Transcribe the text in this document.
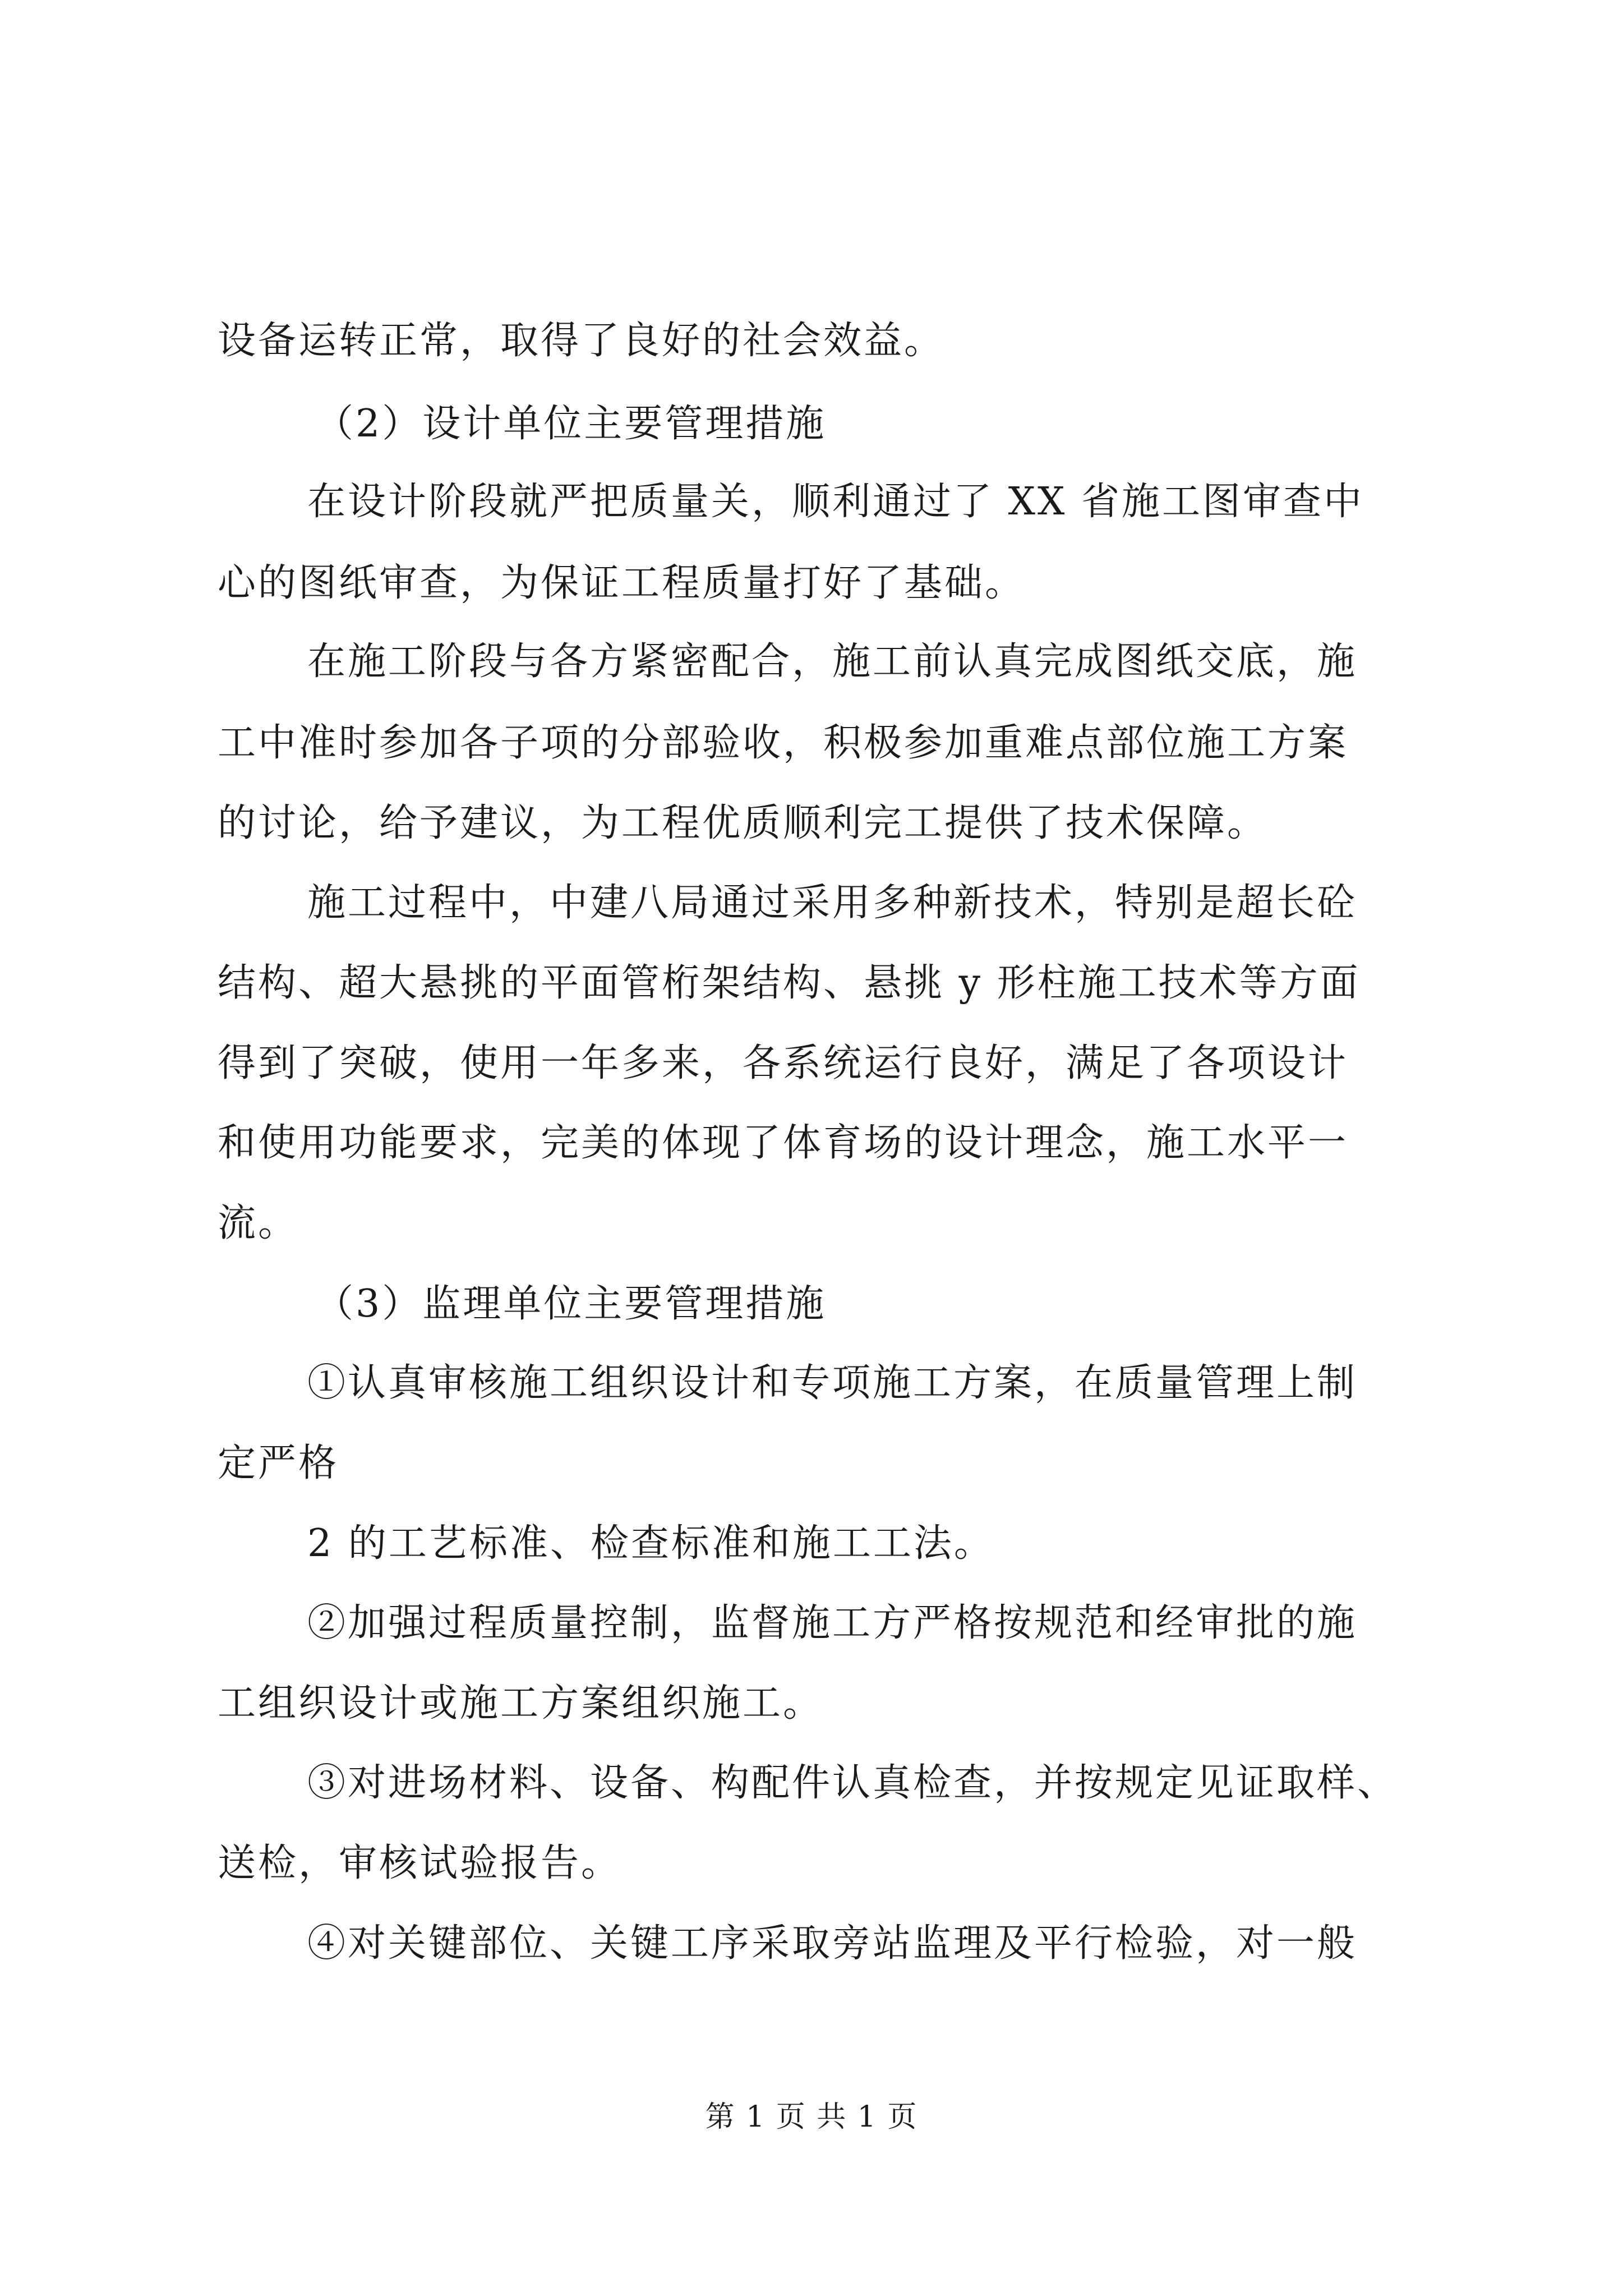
设备运转正常，取得了良好的社会效益。
（2）设计单位主要管理措施
在设计阶段就严把质量关，顺利通过了 XX 省施工图审查中
心的图纸审查，为保证工程质量打好了基础。
在施工阶段与各方紧密配合，施工前认真完成图纸交底，施
工中准时参加各子项的分部验收，积极参加重难点部位施工方案
的讨论，给予建议，为工程优质顺利完工提供了技术保障。
施工过程中，中建八局通过采用多种新技术，特别是超长砼
结构、超大悬挑的平面管桁架结构、悬挑 y 形柱施工技术等方面
得到了突破，使用一年多来，各系统运行良好，满足了各项设计
和使用功能要求，完美的体现了体育场的设计理念，施工水平一
流。
（3）监理单位主要管理措施
①认真审核施工组织设计和专项施工方案，在质量管理上制
定严格
2 的工艺标准、检查标准和施工工法。
②加强过程质量控制，监督施工方严格按规范和经审批的施
工组织设计或施工方案组织施工。
③对进场材料、设备、构配件认真检查，并按规定见证取样、
送检，审核试验报告。
④对关键部位、关键工序采取旁站监理及平行检验，对一般
第 1 页 共 1 页
